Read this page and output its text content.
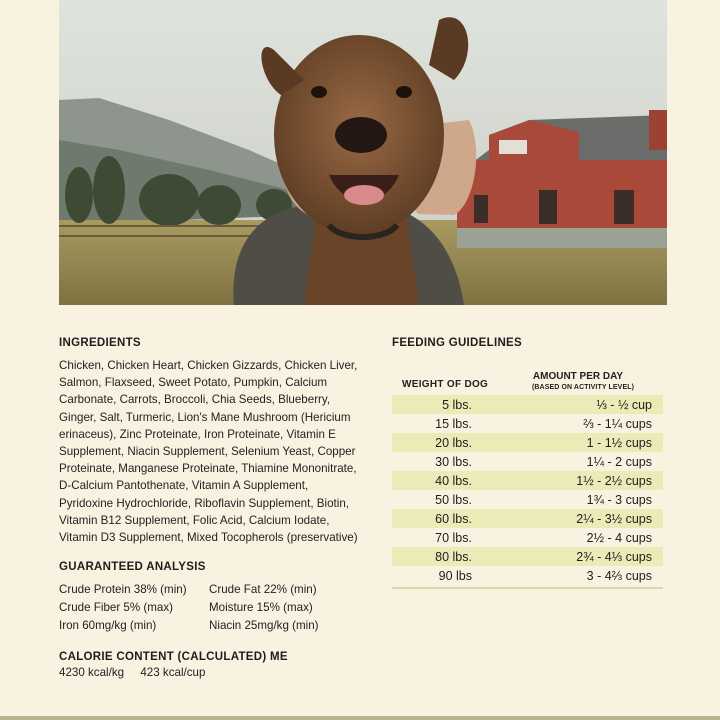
INGREDIENTS
Chicken, Chicken Heart, Chicken Gizzards, Chicken Liver,
Salmon, Flaxseed, Sweet Potato, Pumpkin, Calcium
Carbonate, Carrots, Broccoli, Chia Seeds, Blueberry,
Ginger, Salt, Turmeric, Lion's Mane Mushroom (Hericium
erinaceus), Zinc Proteinate, Iron Proteinate, Vitamin E
Supplement, Niacin Supplement, Selenium Yeast, Copper
Proteinate, Manganese Proteinate, Thiamine Mononitrate,
D-Calcium Pantothenate, Vitamin A Supplement,
Pyridoxine Hydrochloride, Riboflavin Supplement, Biotin,
Vitamin B12 Supplement, Folic Acid, Calcium Iodate,
Vitamin D3 Supplement, Mixed Tocopherols (preservative)
GUARANTEED ANALYSIS
Crude Protein 38% (min)	Crude Fat 22% (min)
Crude Fiber 5% (max)	Moisture 15% (max)
Iron 60mg/kg (min)	Niacin 25mg/kg (min)
CALORIE CONTENT (CALCULATED) ME
4230 kcal/kg 423 kcal/cup
FEEDING GUIDELINES
WEIGHT OF DOG
AMOUNT PER DAY
(BASED ON ACTIVITY LEVEL)
5 lbs.	⅓ - ½ cup
15 lbs.	⅔ - 1¼ cups
20 lbs.	1 - 1½ cups
30 lbs.	1¼ - 2 cups
40 lbs.	1½ - 2½ cups
50 lbs.	1¾ - 3 cups
60 lbs.	2¼ - 3½ cups
70 lbs.	2½ - 4 cups
80 lbs.	2¾ - 4⅓ cups
90 lbs	3 - 4⅔ cups
